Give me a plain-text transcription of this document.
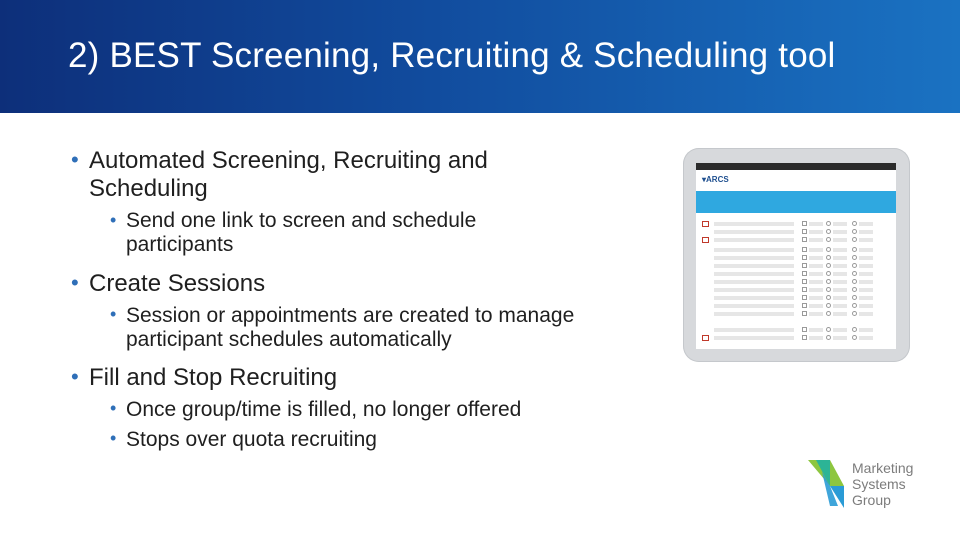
2) BEST Screening, Recruiting & Scheduling tool
• Automated Screening, Recruiting and Scheduling
• Send one link to screen and schedule participants
• Create Sessions
• Session or appointments are created to manage participant schedules automatically
• Fill and Stop Recruiting
• Once group/time is filled, no longer offered
• Stops over quota recruiting
▾ARCS
Marketing
Systems
Group
